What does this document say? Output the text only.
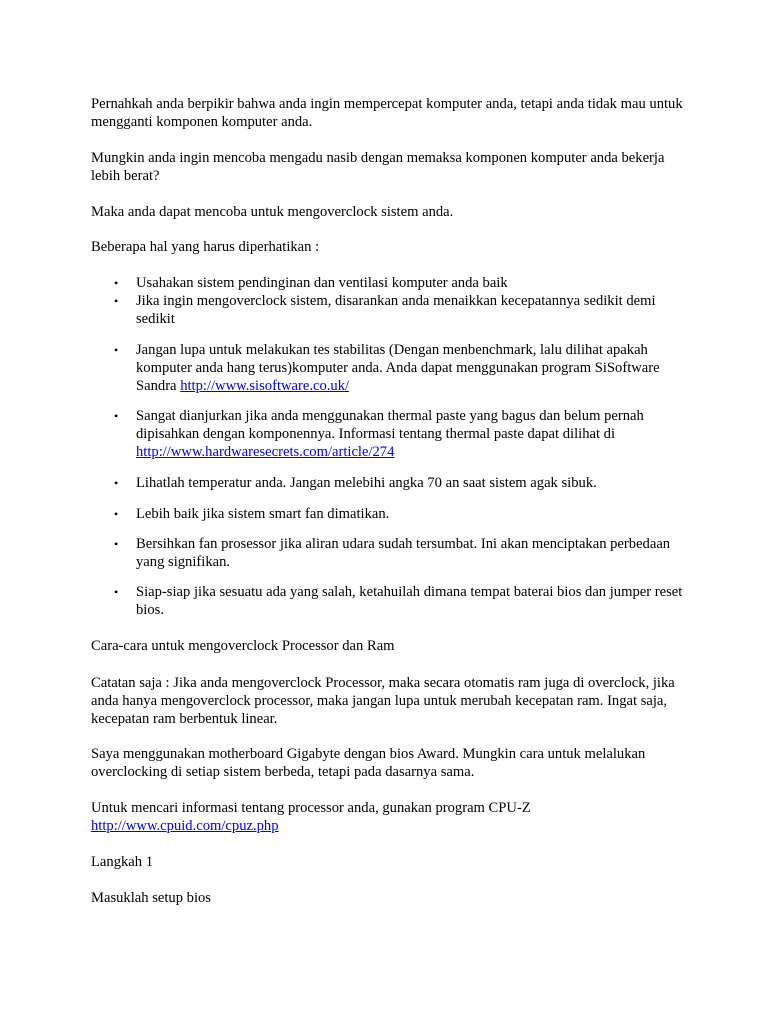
Pernahkah anda berpikir bahwa anda ingin mempercepat komputer anda, tetapi anda tidak mau untuk mengganti komponen komputer anda.

Mungkin anda ingin mencoba mengadu nasib dengan memaksa komponen komputer anda bekerja lebih berat?

Maka anda dapat mencoba untuk mengoverclock sistem anda.

Beberapa hal yang harus diperhatikan :

• Usahakan sistem pendinginan dan ventilasi komputer anda baik
• Jika ingin mengoverclock sistem, disarankan anda menaikkan kecepatannya sedikit demi sedikit
• Jangan lupa untuk melakukan tes stabilitas (Dengan menbenchmark, lalu dilihat apakah komputer anda hang terus)komputer anda. Anda dapat menggunakan program SiSoftware Sandra http://www.sisoftware.co.uk/
• Sangat dianjurkan jika anda menggunakan thermal paste yang bagus dan belum pernah dipisahkan dengan komponennya. Informasi tentang thermal paste dapat dilihat di http://www.hardwaresecrets.com/article/274
• Lihatlah temperatur anda. Jangan melebihi angka 70 an saat sistem agak sibuk.
• Lebih baik jika sistem smart fan dimatikan.
• Bersihkan fan prosessor jika aliran udara sudah tersumbat. Ini akan menciptakan perbedaan yang signifikan.
• Siap-siap jika sesuatu ada yang salah, ketahuilah dimana tempat baterai bios dan jumper reset bios.

Cara-cara untuk mengoverclock Processor dan Ram

Catatan saja : Jika anda mengoverclock Processor, maka secara otomatis ram juga di overclock, jika anda hanya mengoverclock processor, maka jangan lupa untuk merubah kecepatan ram. Ingat saja, kecepatan ram berbentuk linear.

Saya menggunakan motherboard Gigabyte dengan bios Award. Mungkin cara untuk melalukan overclocking di setiap sistem berbeda, tetapi pada dasarnya sama.

Untuk mencari informasi tentang processor anda, gunakan program CPU-Z
http://www.cpuid.com/cpuz.php

Langkah 1

Masuklah setup bios
